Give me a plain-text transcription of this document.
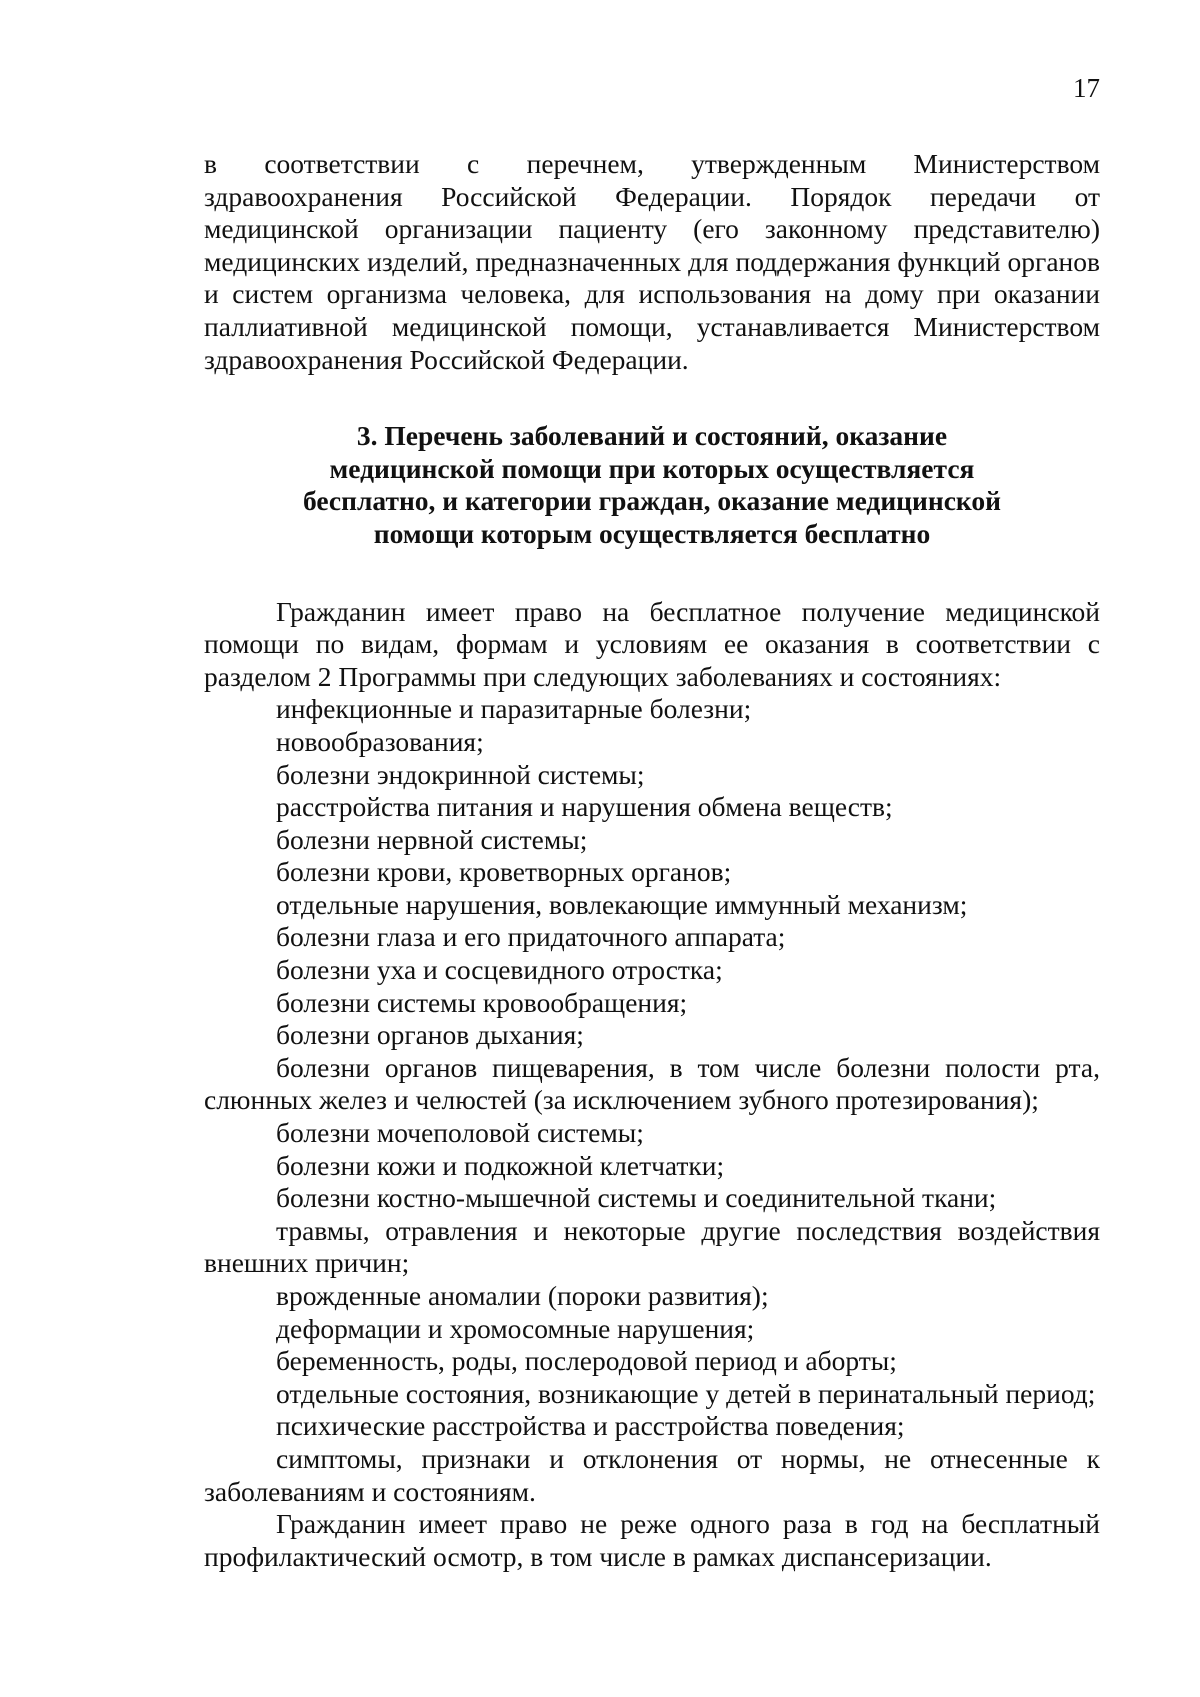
17

в соответствии с перечнем, утвержденным Министерством здравоохранения Российской Федерации. Порядок передачи от медицинской организации пациенту (его законному представителю) медицинских изделий, предназначенных для поддержания функций органов и систем организма человека, для использования на дому при оказании паллиативной медицинской помощи, устанавливается Министерством здравоохранения Российской Федерации.

3. Перечень заболеваний и состояний, оказание
медицинской помощи при которых осуществляется
бесплатно, и категории граждан, оказание медицинской
помощи которым осуществляется бесплатно

Гражданин имеет право на бесплатное получение медицинской помощи по видам, формам и условиям ее оказания в соответствии с разделом 2 Программы при следующих заболеваниях и состояниях:

инфекционные и паразитарные болезни;
новообразования;
болезни эндокринной системы;
расстройства питания и нарушения обмена веществ;
болезни нервной системы;
болезни крови, кроветворных органов;
отдельные нарушения, вовлекающие иммунный механизм;
болезни глаза и его придаточного аппарата;
болезни уха и сосцевидного отростка;
болезни системы кровообращения;
болезни органов дыхания;
болезни органов пищеварения, в том числе болезни полости рта, слюнных желез и челюстей (за исключением зубного протезирования);
болезни мочеполовой системы;
болезни кожи и подкожной клетчатки;
болезни костно-мышечной системы и соединительной ткани;
травмы, отравления и некоторые другие последствия воздействия внешних причин;
врожденные аномалии (пороки развития);
деформации и хромосомные нарушения;
беременность, роды, послеродовой период и аборты;
отдельные состояния, возникающие у детей в перинатальный период;
психические расстройства и расстройства поведения;
симптомы, признаки и отклонения от нормы, не отнесенные к заболеваниям и состояниям.

Гражданин имеет право не реже одного раза в год на бесплатный профилактический осмотр, в том числе в рамках диспансеризации.
